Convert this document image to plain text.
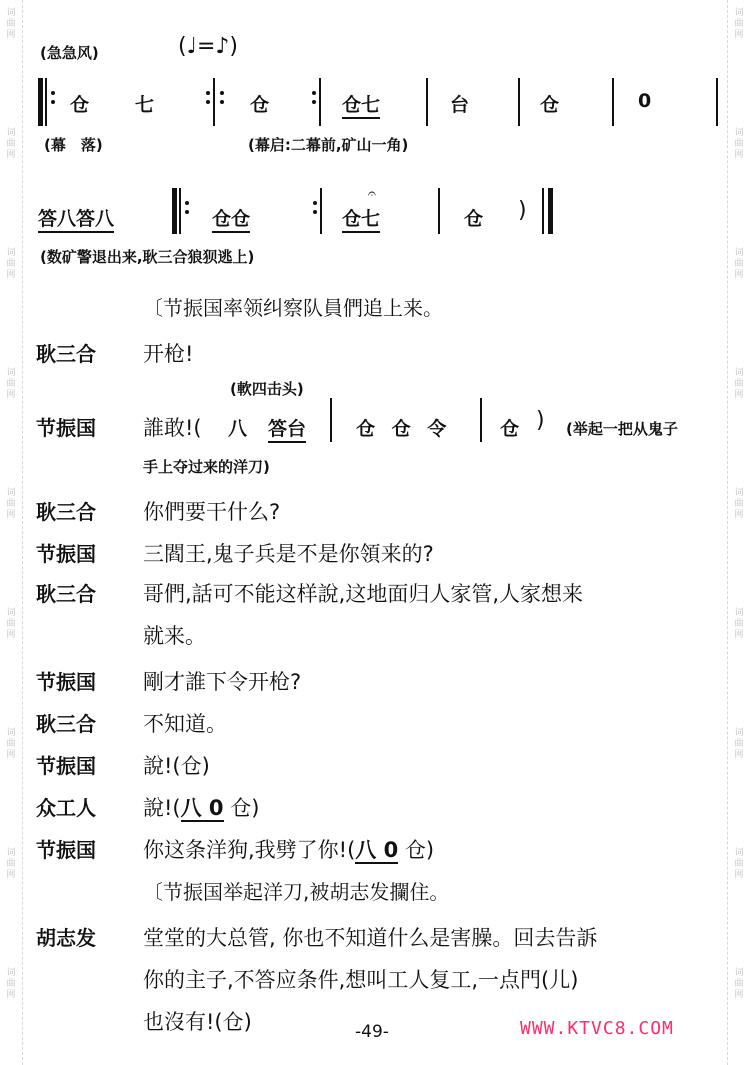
词
曲
网
词
曲
网
词
曲
网
词
曲
网
词
曲
网
词
曲
网
词
曲
网
词
曲
网
词
曲
网
词
曲
网
词
曲
网
词
曲
网
词
曲
网
词
曲
网
词
曲
网
词
曲
网
词
曲
网
词
曲
网
(急急风)	(♩=♪)
仓 七	仓	仓七	台	仓	0
(幕　落)	(幕启:二幕前,矿山一角)
答八答八	仓仓
𝄐
仓七	仓 )
(数矿警退出来,耿三合狼狈逃上)
〔节振国率领纠察队員們追上来。
耿三合 开枪!
(軟四击头)
节振国 誰敢!( 八 答台	仓 仓 令	仓 ) (举起一把从鬼子
手上夺过来的洋刀)
耿三合 你們要干什么?
节振国 三閻王,鬼子兵是不是你領来的?
耿三合 哥們,話可不能这样說,这地面归人家管,人家想来
就来。
节振国 剛才誰下令开枪?
耿三合 不知道。
节振国 說!(仓)
众工人 說!(八 0 仓)
节振国 你这条洋狗,我劈了你!(八 0 仓)
〔节振国举起洋刀,被胡志发攔住。
胡志发 堂堂的大总管, 你也不知道什么是害臊。回去告訴
你的主子,不答应条件,想叫工人复工,一点門(儿)
也沒有!(仓)	-49-	WWW.KTVC8.COM
